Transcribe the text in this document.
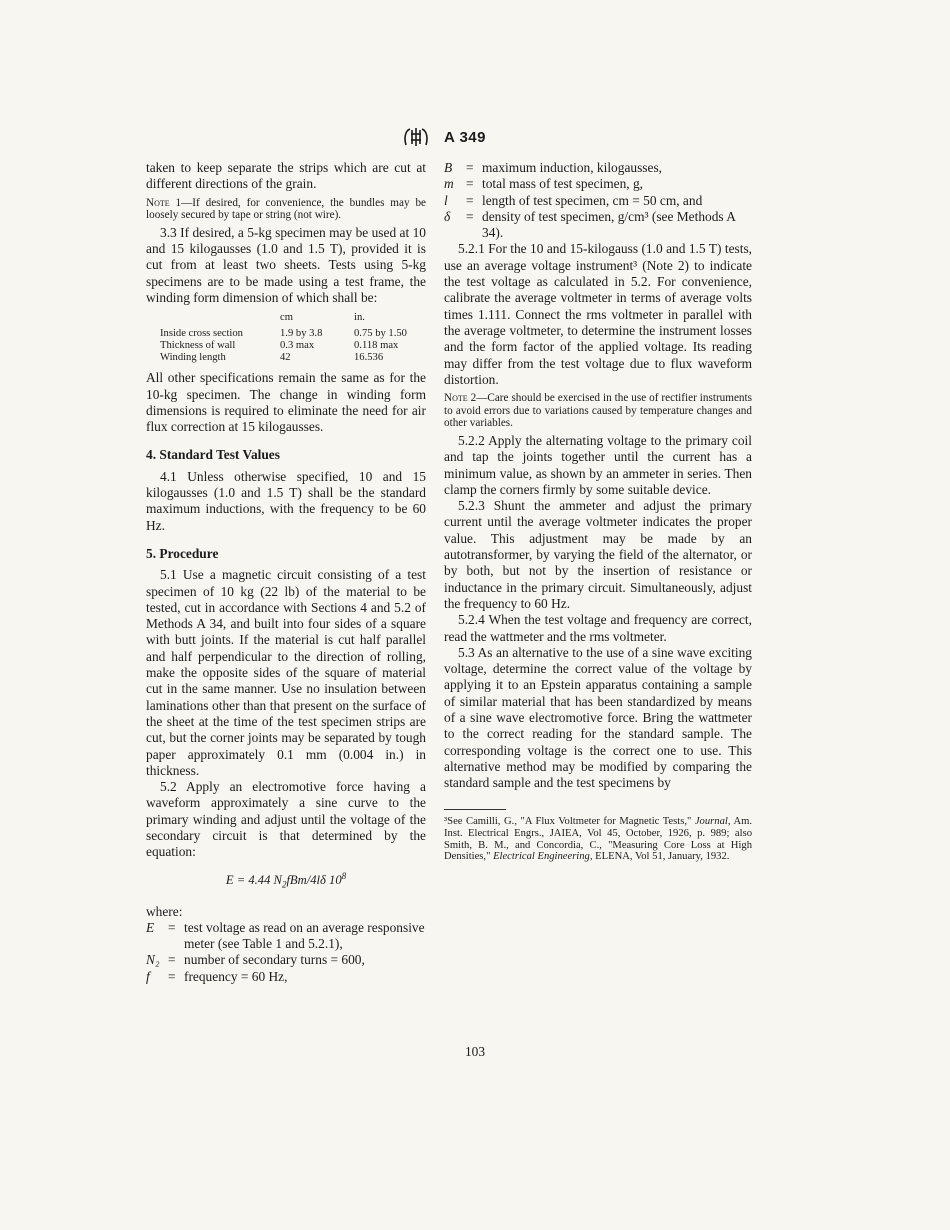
A 349

taken to keep separate the strips which are cut at different directions of the grain.

Note 1—If desired, for convenience, the bundles may be loosely secured by tape or string (not wire).

3.3 If desired, a 5-kg specimen may be used at 10 and 15 kilogausses (1.0 and 1.5 T), provided it is cut from at least two sheets. Tests using 5-kg specimens are to be made using a test frame, the winding form dimension of which shall be:

	cm	in.
Inside cross section	1.9 by 3.8	0.75 by 1.50
Thickness of wall	0.3 max	0.118 max
Winding length	42	16.536

All other specifications remain the same as for the 10-kg specimen. The change in winding form dimensions is required to eliminate the need for air flux correction at 15 kilogausses.

4. Standard Test Values

4.1 Unless otherwise specified, 10 and 15 kilogausses (1.0 and 1.5 T) shall be the standard maximum inductions, with the frequency to be 60 Hz.

5. Procedure

5.1 Use a magnetic circuit consisting of a test specimen of 10 kg (22 lb) of the material to be tested, cut in accordance with Sections 4 and 5.2 of Methods A 34, and built into four sides of a square with butt joints. If the material is cut half parallel and half perpendicular to the direction of rolling, make the opposite sides of the square of material cut in the same manner. Use no insulation between laminations other than that present on the surface of the sheet at the time of the test specimen strips are cut, but the corner joints may be separated by tough paper approximately 0.1 mm (0.004 in.) in thickness.

5.2 Apply an electromotive force having a waveform approximately a sine curve to the primary winding and adjust until the voltage of the secondary circuit is that determined by the equation:

E = 4.44 $N_2fBm/4l\delta$ $10^8$

where:

E	= test voltage as read on an average responsive meter (see Table 1 and 5.2.1),
N₂ = number of secondary turns = 600,
f	= frequency = 60 Hz,
B	= maximum induction, kilogausses,
m = total mass of test specimen, g,
l	= length of test specimen, cm = 50 cm, and
δ	= density of test specimen, g/cm³ (see Methods A 34).

5.2.1 For the 10 and 15-kilogauss (1.0 and 1.5 T) tests, use an average voltage instrument³ (Note 2) to indicate the test voltage as calculated in 5.2. For convenience, calibrate the average voltmeter in terms of average volts times 1.111. Connect the rms voltmeter in parallel with the average voltmeter, to determine the instrument losses and the form factor of the applied voltage. Its reading may differ from the test voltage due to flux waveform distortion.

Note 2—Care should be exercised in the use of rectifier instruments to avoid errors due to variations caused by temperature changes and other variables.

5.2.2 Apply the alternating voltage to the primary coil and tap the joints together until the current has a minimum value, as shown by an ammeter in series. Then clamp the corners firmly by some suitable device.

5.2.3 Shunt the ammeter and adjust the primary current until the average voltmeter indicates the proper value. This adjustment may be made by an autotransformer, by varying the field of the alternator, or by both, but not by the insertion of resistance or inductance in the primary circuit. Simultaneously, adjust the frequency to 60 Hz.

5.2.4 When the test voltage and frequency are correct, read the wattmeter and the rms voltmeter.

5.3 As an alternative to the use of a sine wave exciting voltage, determine the correct value of the voltage by applying it to an Epstein apparatus containing a sample of similar material that has been standardized by means of a sine wave electromotive force. Bring the wattmeter to the correct reading for the standard sample. The corresponding voltage is the correct one to use. This alternative method may be modified by comparing the standard sample and the test specimens by

³See Camilli, G., "A Flux Voltmeter for Magnetic Tests," Journal, Am. Inst. Electrical Engrs., JAIEA, Vol 45, October, 1926, p. 989; also Smith, B. M., and Concordia, C., "Measuring Core Loss at High Densities," Electrical Engineering, ELENA, Vol 51, January, 1932.

103
